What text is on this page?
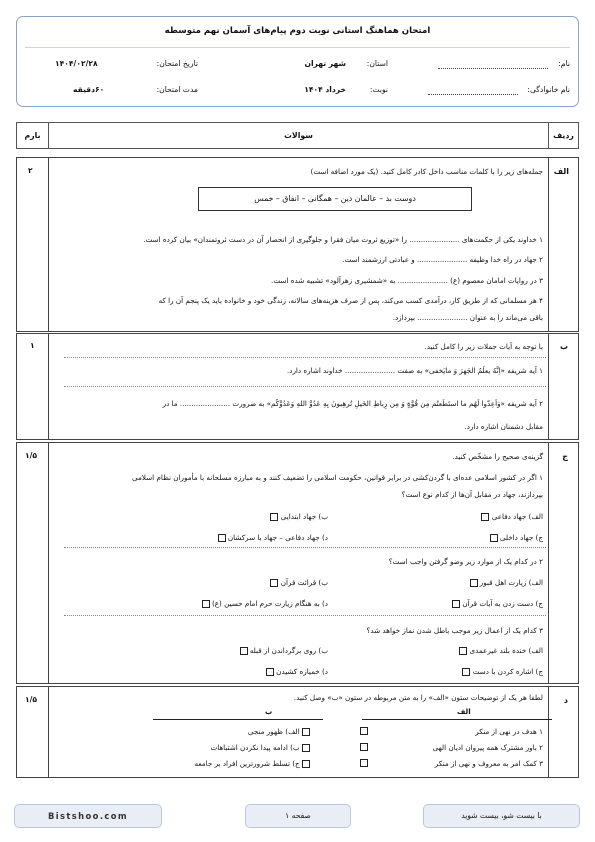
امتحان هماهنگ استانی نوبت دوم پیام‌های آسمان نهم متوسطه
نام:
استان:
شهر تهران
تاریخ امتحان:
۱۴۰۴/۰۲/۲۸
نام خانوادگی:
نوبت:
خرداد ۱۴۰۴
مدت امتحان:
۶۰دقیقه
ردیف
سوالات
بارم
الف
۲	جمله‌های زیر را با کلمات مناسب داخل کادر کامل کنید. (یک مورد اضافه است)
دوست بد – عالمان دین – همگانی – انفاق – خمس
۱ خداوند یکی از حکمت‌های ...................... را «توزیع ثروت میان فقرا و جلوگیری از انحصار آن در دست ثروتمندان» بیان کرده است.
۲ جهاد در راه خدا وظیفه ...................... و عبادتی ارزشمند است.
۳ در روایات امامان معصوم (ع) ...................... به «شمشیری زهرآلود» تشبیه شده است.
۴ هر مسلمانی که از طریق کار، درآمدی کسب می‌کند، پس از صرف هزینه‌های سالانه، زندگی خود و خانواده باید یک پنجم آن را که
باقی می‌ماند را به عنوان ...................... بپردازد.
ب
۱	با توجه به آیات جملات زیر را کامل کنید.
۱ آیه شریفه «اِنَّهُ یعلَمُ الجَهرَ وَ مایَخفی» به صفت ...................... خداوند اشاره دارد.
۲ آیه شریفه «وَاَعِدّوا لَهُم ما استَطَعتُم مِن قُوَّةٍ وَ مِن رِباطِ الخَیلِ تُرهِبونَ بِهِ عَدُوَّ اللهِ وَعَدُوَّکُم» به ضرورت ...................... ما در
مقابل دشمنان اشاره دارد.
ج
۱/۵	گزینه‌ی صحیح را مشخّص کنید.
۱ اگر در کشور اسلامی عده‌ای با گردن‌کشی در برابر قوانین، حکومت اسلامی را تضعیف کنند و به مبارزه مسلحانه با مأموران نظام اسلامی
بپردازند، جهاد در مقابل آن‌ها از کدام نوع است؟
الف) جهاد دفاعی
ب) جهاد ابتدایی
ج) جهاد داخلی
د) جهاد دفاعی – جهاد با سرکشان
۲ در کدام یک از موارد زیر وضو گرفتن واجب است؟
الف) زیارت اهل قبور
ب) قرائت قرآن
ج) دست زدن به آیات قرآن
د) به هنگام زیارت حرم امام حسین (ع)
۳ کدام یک از اعمال زیر موجب باطل شدن نماز خواهد شد؟
الف) خنده بلند غیرعمدی
ب) روی برگرداندن از قبله
ج) اشاره کردن با دست
د) خمیازه کشیدن
د
۱/۵	لطفا هر یک از توضیحات ستون «الف» را به متن مربوطه در ستون «ب» وصل کنید.
الف
ب
۱ هدف در نهی از منکر
۲ باور مشترک همه پیروان ادیان الهی
۳ کمک امر به معروف و نهی از منکر
الف) ظهور منجی
ب) ادامه پیدا نکردن اشتباهات
ج) تسلط شرورترین افراد بر جامعه
Bistshoo.com	صفحه ۱	با بیست شو، بیست شوید
